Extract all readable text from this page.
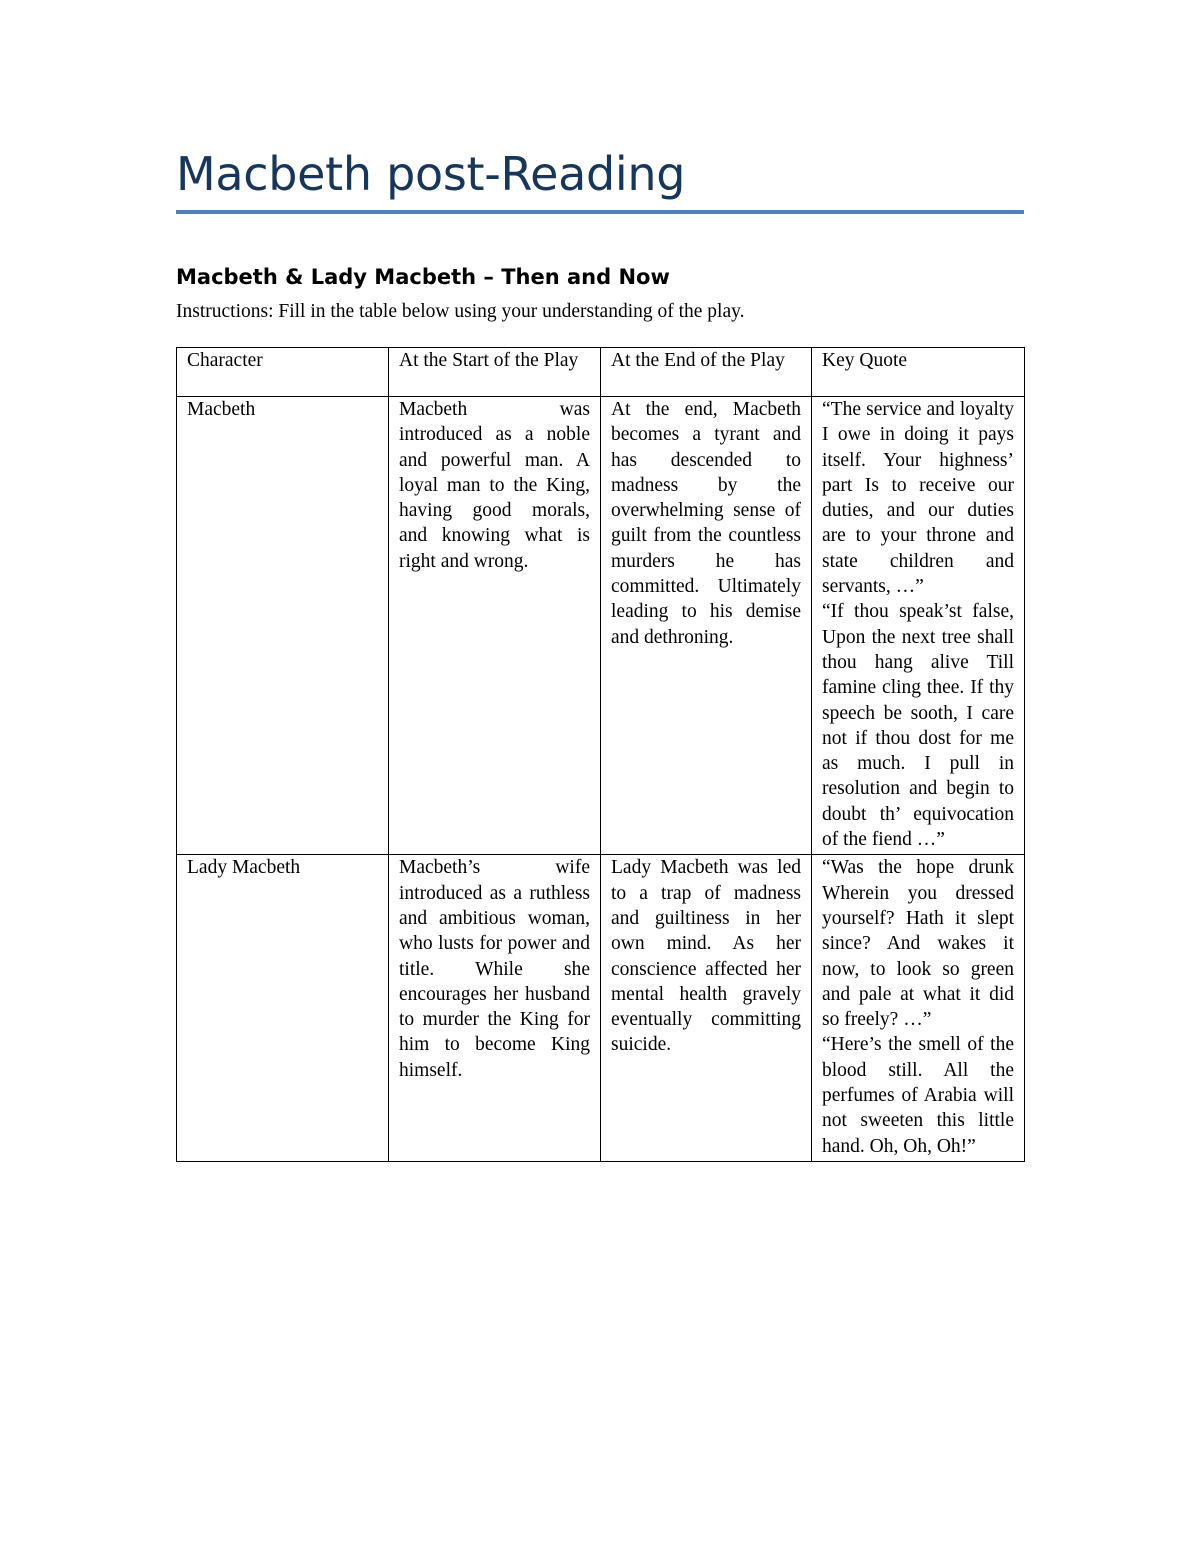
Macbeth post-Reading
Macbeth & Lady Macbeth – Then and Now

Instructions: Fill in the table below using your understanding of the play.

Character	At the Start of the Play	At the End of the Play	Key Quote
Macbeth	Macbeth was introduced as a noble and powerful man. A loyal man to the King, having good morals, and knowing what is right and wrong.	At the end, Macbeth becomes a tyrant and has descended to madness by the overwhelming sense of guilt from the countless murders he has committed. Ultimately leading to his demise and dethroning.	“The service and loyalty I owe in doing it pays itself. Your highness’ part Is to receive our duties, and our duties are to your throne and state children and servants, …”
“If thou speak’st false, Upon the next tree shall thou hang alive Till famine cling thee. If thy speech be sooth, I care not if thou dost for me as much. I pull in resolution and begin to doubt th’ equivocation of the fiend …”

Lady Macbeth	Macbeth’s wife introduced as a ruthless and ambitious woman, who lusts for power and title. While she encourages her husband to murder the King for him to become King himself.	Lady Macbeth was led to a trap of madness and guiltiness in her own mind. As her conscience affected her mental health gravely eventually committing suicide.	“Was the hope drunk Wherein you dressed yourself? Hath it slept since? And wakes it now, to look so green and pale at what it did so freely? …”
“Here’s the smell of the blood still. All the perfumes of Arabia will not sweeten this little hand. Oh, Oh, Oh!”
